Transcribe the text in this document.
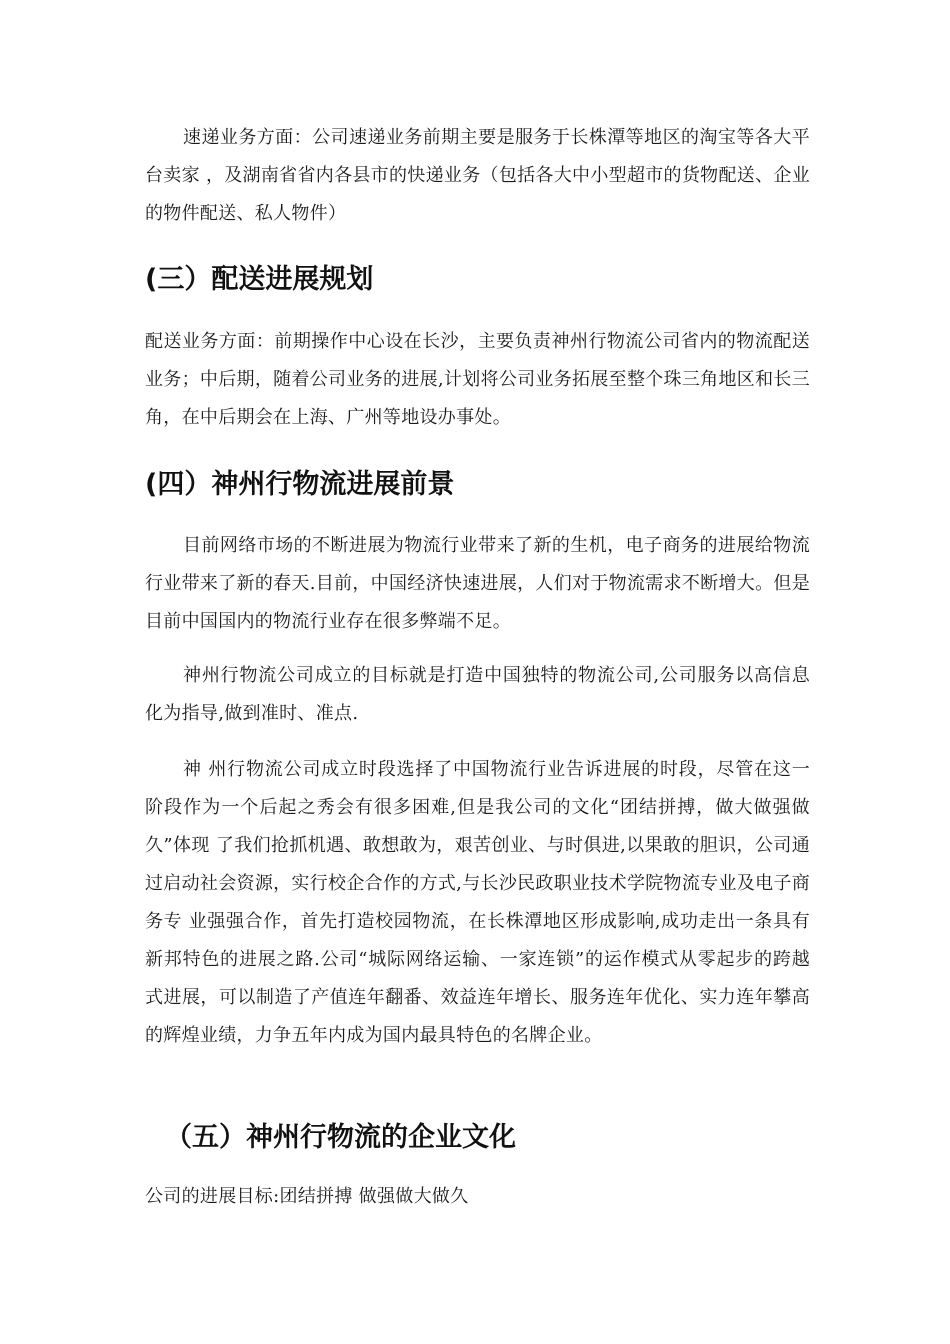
速递业务方面：公司速递业务前期主要是服务于长株潭等地区的淘宝等各大平台卖家 ，及湖南省省内各县市的快递业务（包括各大中小型超市的货物配送、企业的物件配送、私人物件）

(三）配送进展规划

配送业务方面：前期操作中心设在长沙，主要负责神州行物流公司省内的物流配送业务；中后期，随着公司业务的进展,计划将公司业务拓展至整个珠三角地区和长三角，在中后期会在上海、广州等地设办事处。

(四）神州行物流进展前景

目前网络市场的不断进展为物流行业带来了新的生机，电子商务的进展给物流行业带来了新的春天.目前，中国经济快速进展，人们对于物流需求不断增大。但是目前中国国内的物流行业存在很多弊端不足。

神州行物流公司成立的目标就是打造中国独特的物流公司,公司服务以高信息化为指导,做到准时、准点.

神 州行物流公司成立时段选择了中国物流行业告诉进展的时段，尽管在这一阶段作为一个后起之秀会有很多困难,但是我公司的文化“团结拼搏，做大做强做久”体现 了我们抢抓机遇、敢想敢为，艰苦创业、与时俱进,以果敢的胆识，公司通过启动社会资源，实行校企合作的方式,与长沙民政职业技术学院物流专业及电子商务专 业强强合作，首先打造校园物流，在长株潭地区形成影响,成功走出一条具有新邦特色的进展之路.公司“城际网络运输、一家连锁”的运作模式从零起步的跨越式进展，可以制造了产值连年翻番、效益连年增长、服务连年优化、实力连年攀高的辉煌业绩，力争五年内成为国内最具特色的名牌企业。

（五）神州行物流的企业文化

公司的进展目标:团结拼搏 做强做大做久
